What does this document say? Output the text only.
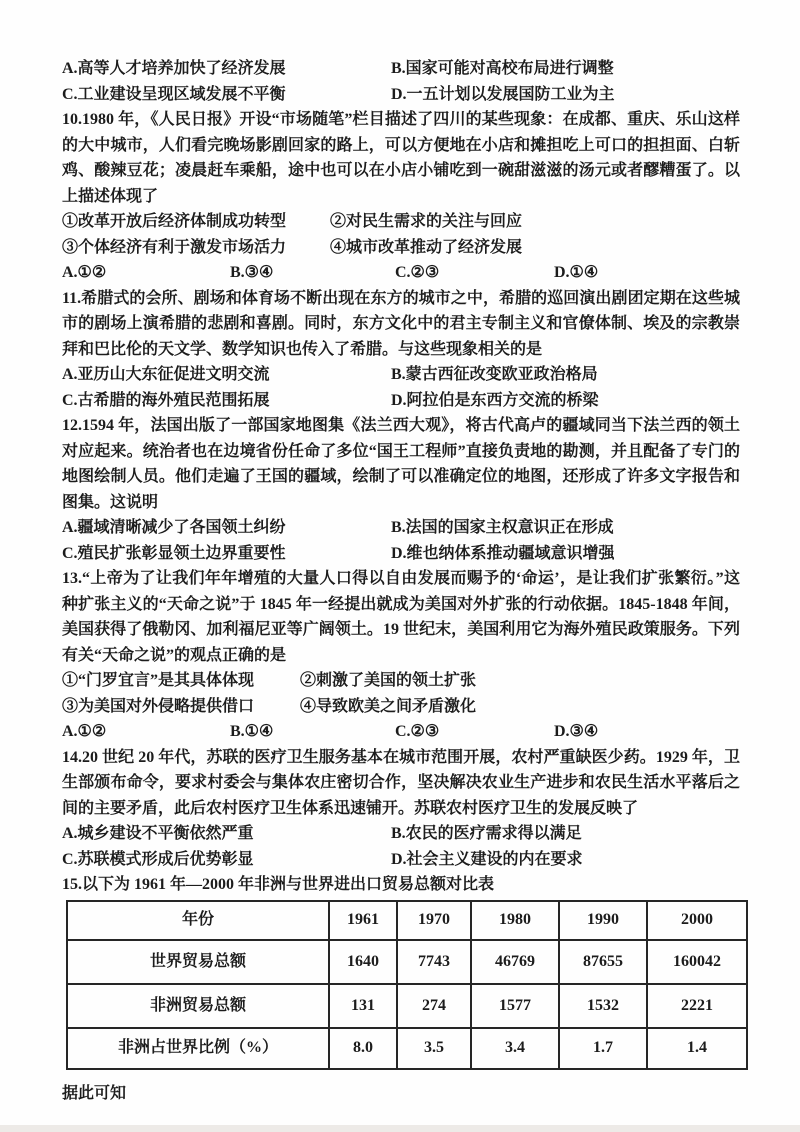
A.高等人才培养加快了经济发展	B.国家可能对高校布局进行调整
C.工业建设呈现区域发展不平衡	D.一五计划以发展国防工业为主

10.1980 年，《人民日报》开设“市场随笔”栏目描述了四川的某些现象：在成都、重庆、乐山这样的大中城市，人们看完晚场影剧回家的路上，可以方便地在小店和摊担吃上可口的担担面、白斩鸡、酸辣豆花；凌晨赶车乘船，途中也可以在小店小铺吃到一碗甜滋滋的汤元或者醪糟蛋了。以上描述体现了

①改革开放后经济体制成功转型	②对民生需求的关注与回应
③个体经济有利于激发市场活力	④城市改革推动了经济发展
A.①②	B.③④	C.②③	D.①④

11.希腊式的会所、剧场和体育场不断出现在东方的城市之中，希腊的巡回演出剧团定期在这些城市的剧场上演希腊的悲剧和喜剧。同时，东方文化中的君主专制主义和官僚体制、埃及的宗教崇拜和巴比伦的天文学、数学知识也传入了希腊。与这些现象相关的是

A.亚历山大东征促进文明交流	B.蒙古西征改变欧亚政治格局
C.古希腊的海外殖民范围拓展	D.阿拉伯是东西方交流的桥梁

12.1594 年，法国出版了一部国家地图集《法兰西大观》，将古代高卢的疆域同当下法兰西的领土对应起来。统治者也在边境省份任命了多位“国王工程师”直接负责地的勘测，并且配备了专门的地图绘制人员。他们走遍了王国的疆域，绘制了可以准确定位的地图，还形成了许多文字报告和图集。这说明

A.疆域清晰减少了各国领土纠纷	B.法国的国家主权意识正在形成
C.殖民扩张彰显领土边界重要性	D.维也纳体系推动疆域意识增强

13.“上帝为了让我们年年增殖的大量人口得以自由发展而赐予的‘命运’，是让我们扩张繁衍。”这种扩张主义的“天命之说”于 1845 年一经提出就成为美国对外扩张的行动依据。1845-1848 年间，美国获得了俄勒冈、加利福尼亚等广阔领土。19 世纪末，美国利用它为海外殖民政策服务。下列有关“天命之说”的观点正确的是

①“门罗宜言”是其具体体现	②刺激了美国的领土扩张
③为美国对外侵略提供借口	④导致欧美之间矛盾激化
A.①②	B.①④	C.②③	D.③④

14.20 世纪 20 年代，苏联的医疗卫生服务基本在城市范围开展，农村严重缺医少药。1929 年，卫生部颁布命令，要求村委会与集体农庄密切合作，坚决解决农业生产进步和农民生活水平落后之间的主要矛盾，此后农村医疗卫生体系迅速铺开。苏联农村医疗卫生的发展反映了

A.城乡建设不平衡依然严重	B.农民的医疗需求得以满足
C.苏联模式形成后优势彰显	D.社会主义建设的内在要求

15.以下为 1961 年—2000 年非洲与世界进出口贸易总额对比表

年份	1961	1970	1980	1990	2000
世界贸易总额	1640	7743	46769	87655	160042
非洲贸易总额	131	274	1577	1532	2221
非洲占世界比例（%）	8.0	3.5	3.4	1.7	1.4

据此可知
